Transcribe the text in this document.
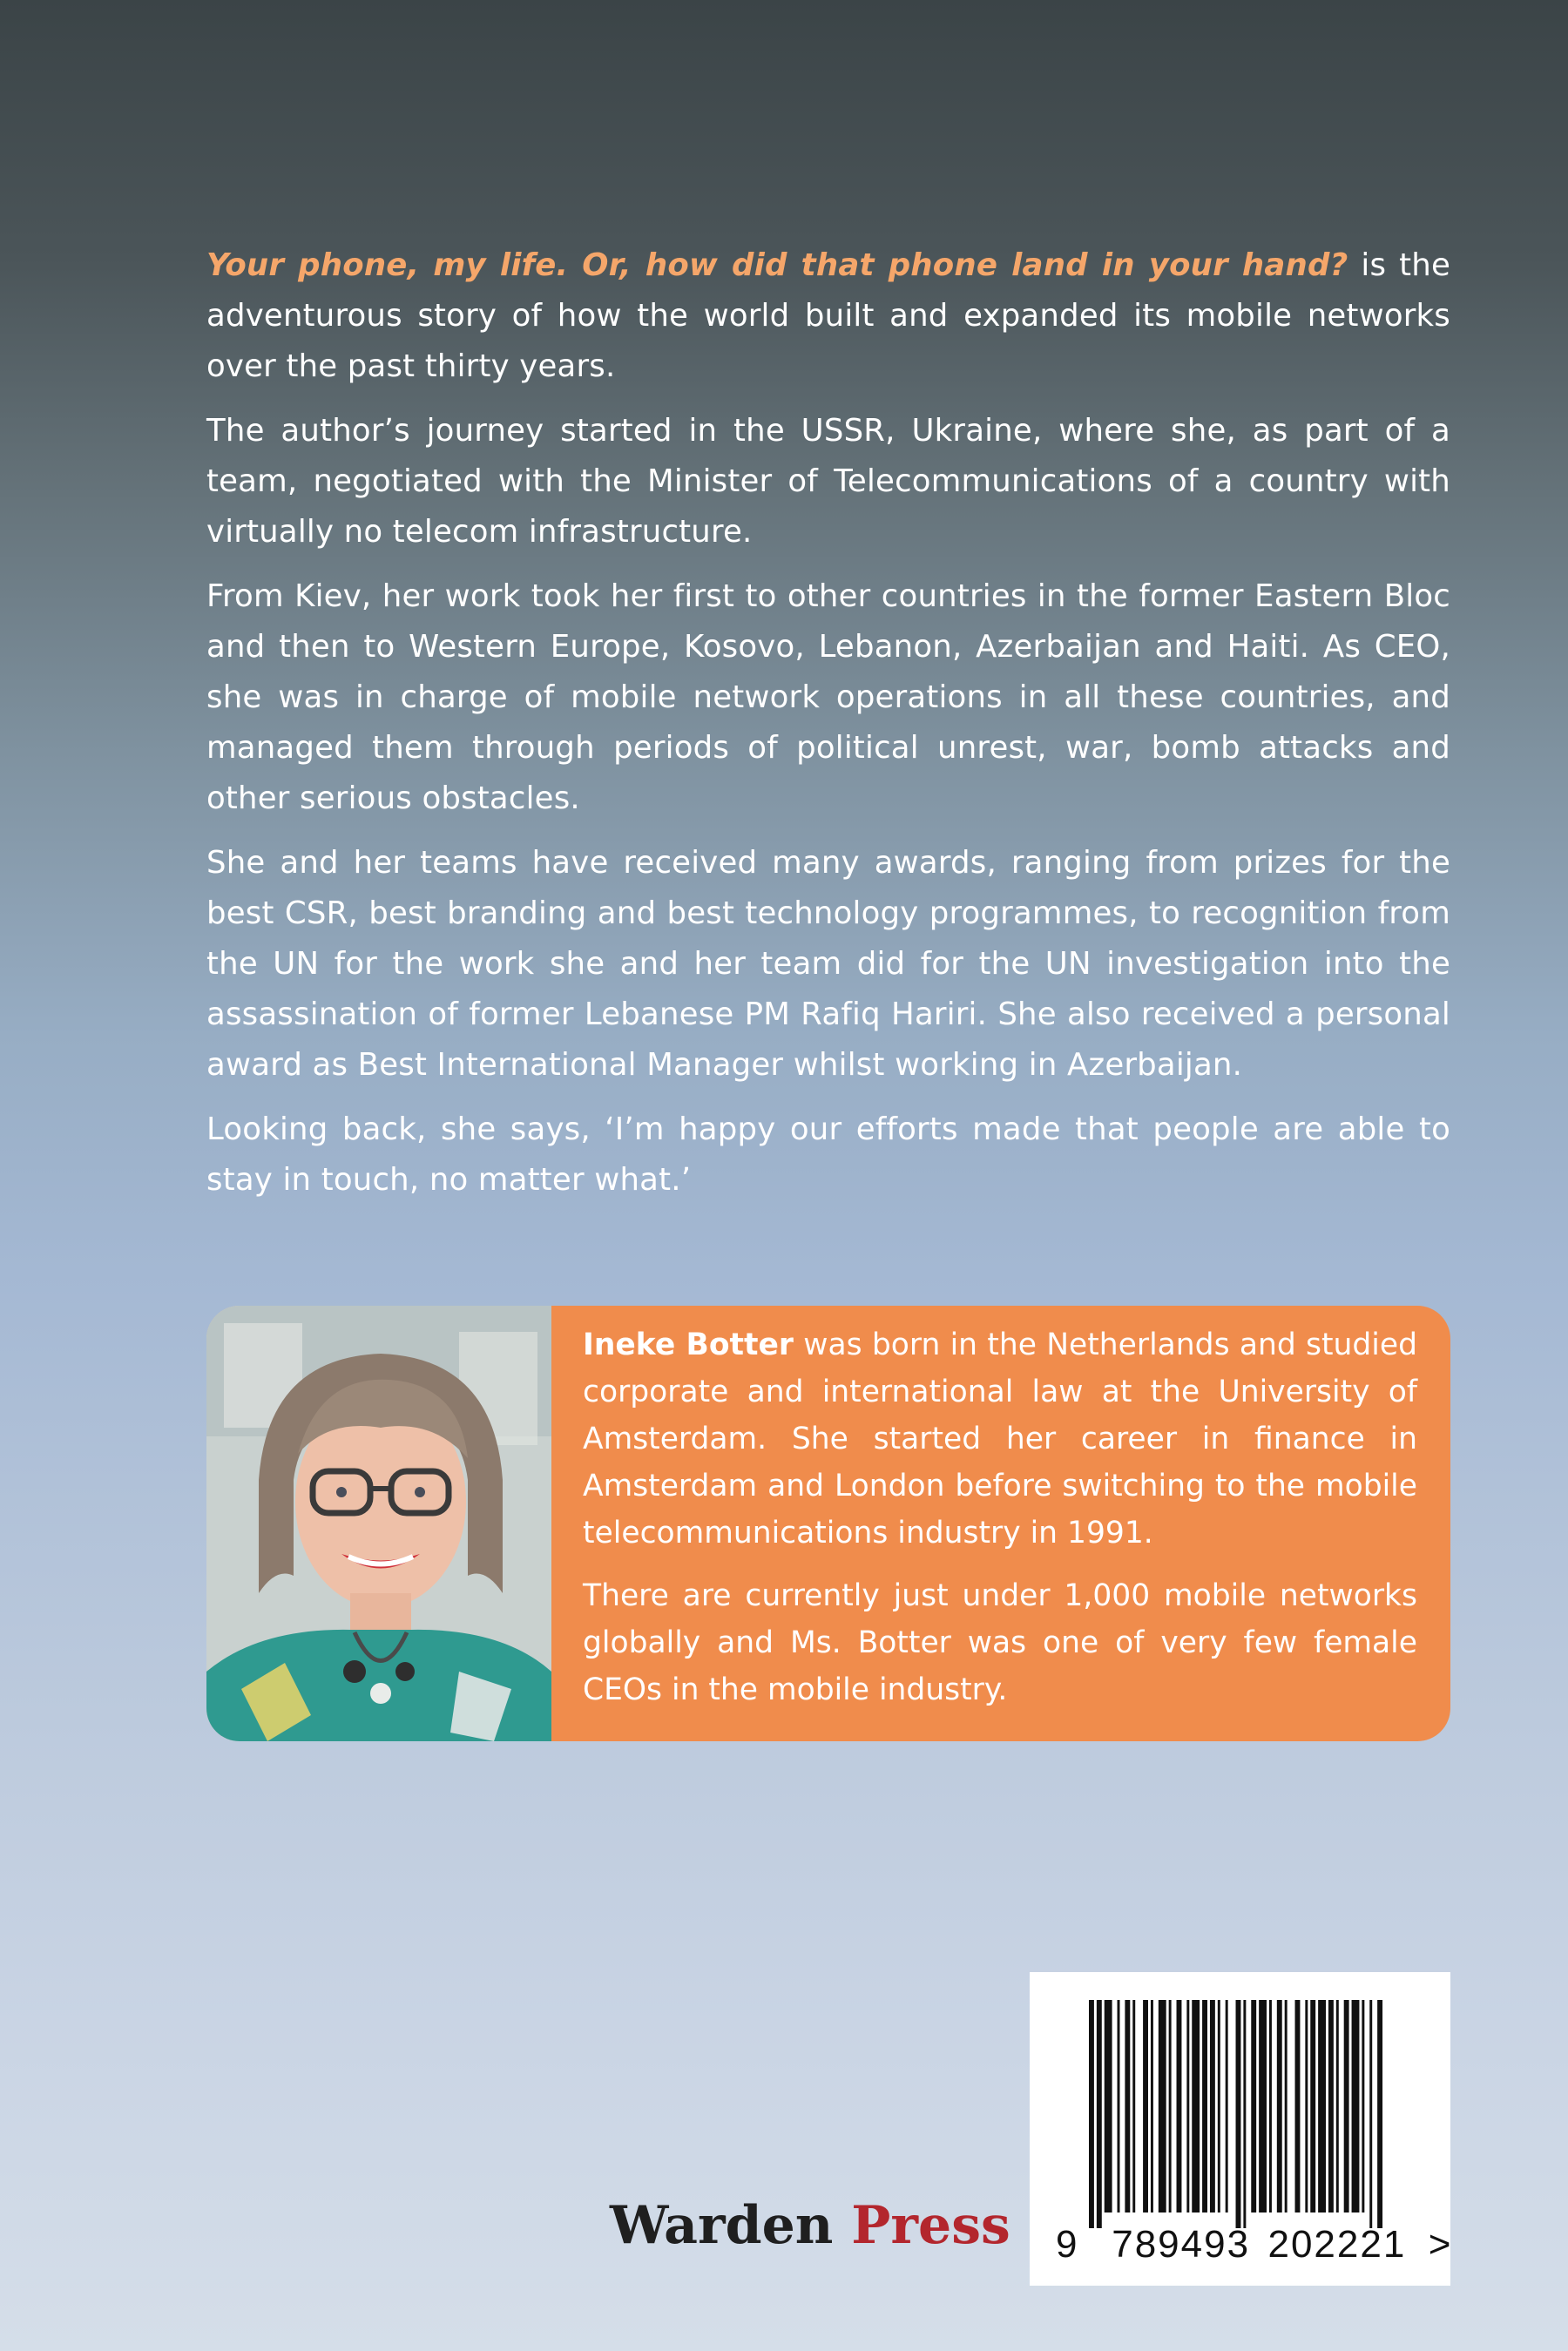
Your phone, my life. Or, how did that phone land in your hand? is the adventurous story of how the world built and expanded its mobile networks over the past thirty years.

The author’s journey started in the USSR, Ukraine, where she, as part of a team, negotiated with the Minister of Telecommunications of a country with virtually no telecom infrastructure.

From Kiev, her work took her first to other countries in the former Eastern Bloc and then to Western Europe, Kosovo, Lebanon, Azerbaijan and Haiti. As CEO, she was in charge of mobile network operations in all these countries, and managed them through periods of political unrest, war, bomb attacks and other serious obstacles.

She and her teams have received many awards, ranging from prizes for the best CSR, best branding and best technology programmes, to recognition from the UN for the work she and her team did for the UN investigation into the assassination of former Lebanese PM Rafiq Hariri. She also received a personal award as Best International Manager whilst working in Azerbaijan.

Looking back, she says, ‘I’m happy our efforts made that people are able to stay in touch, no matter what.’

Ineke Botter was born in the Netherlands and studied corporate and international law at the University of Amsterdam. She started her career in finance in Amsterdam and London before switching to the mobile telecommunications industry in 1991.

There are currently just under 1,000 mobile networks globally and Ms. Botter was one of very few female CEOs in the mobile industry.

Warden Press 9 789493 202221 >
